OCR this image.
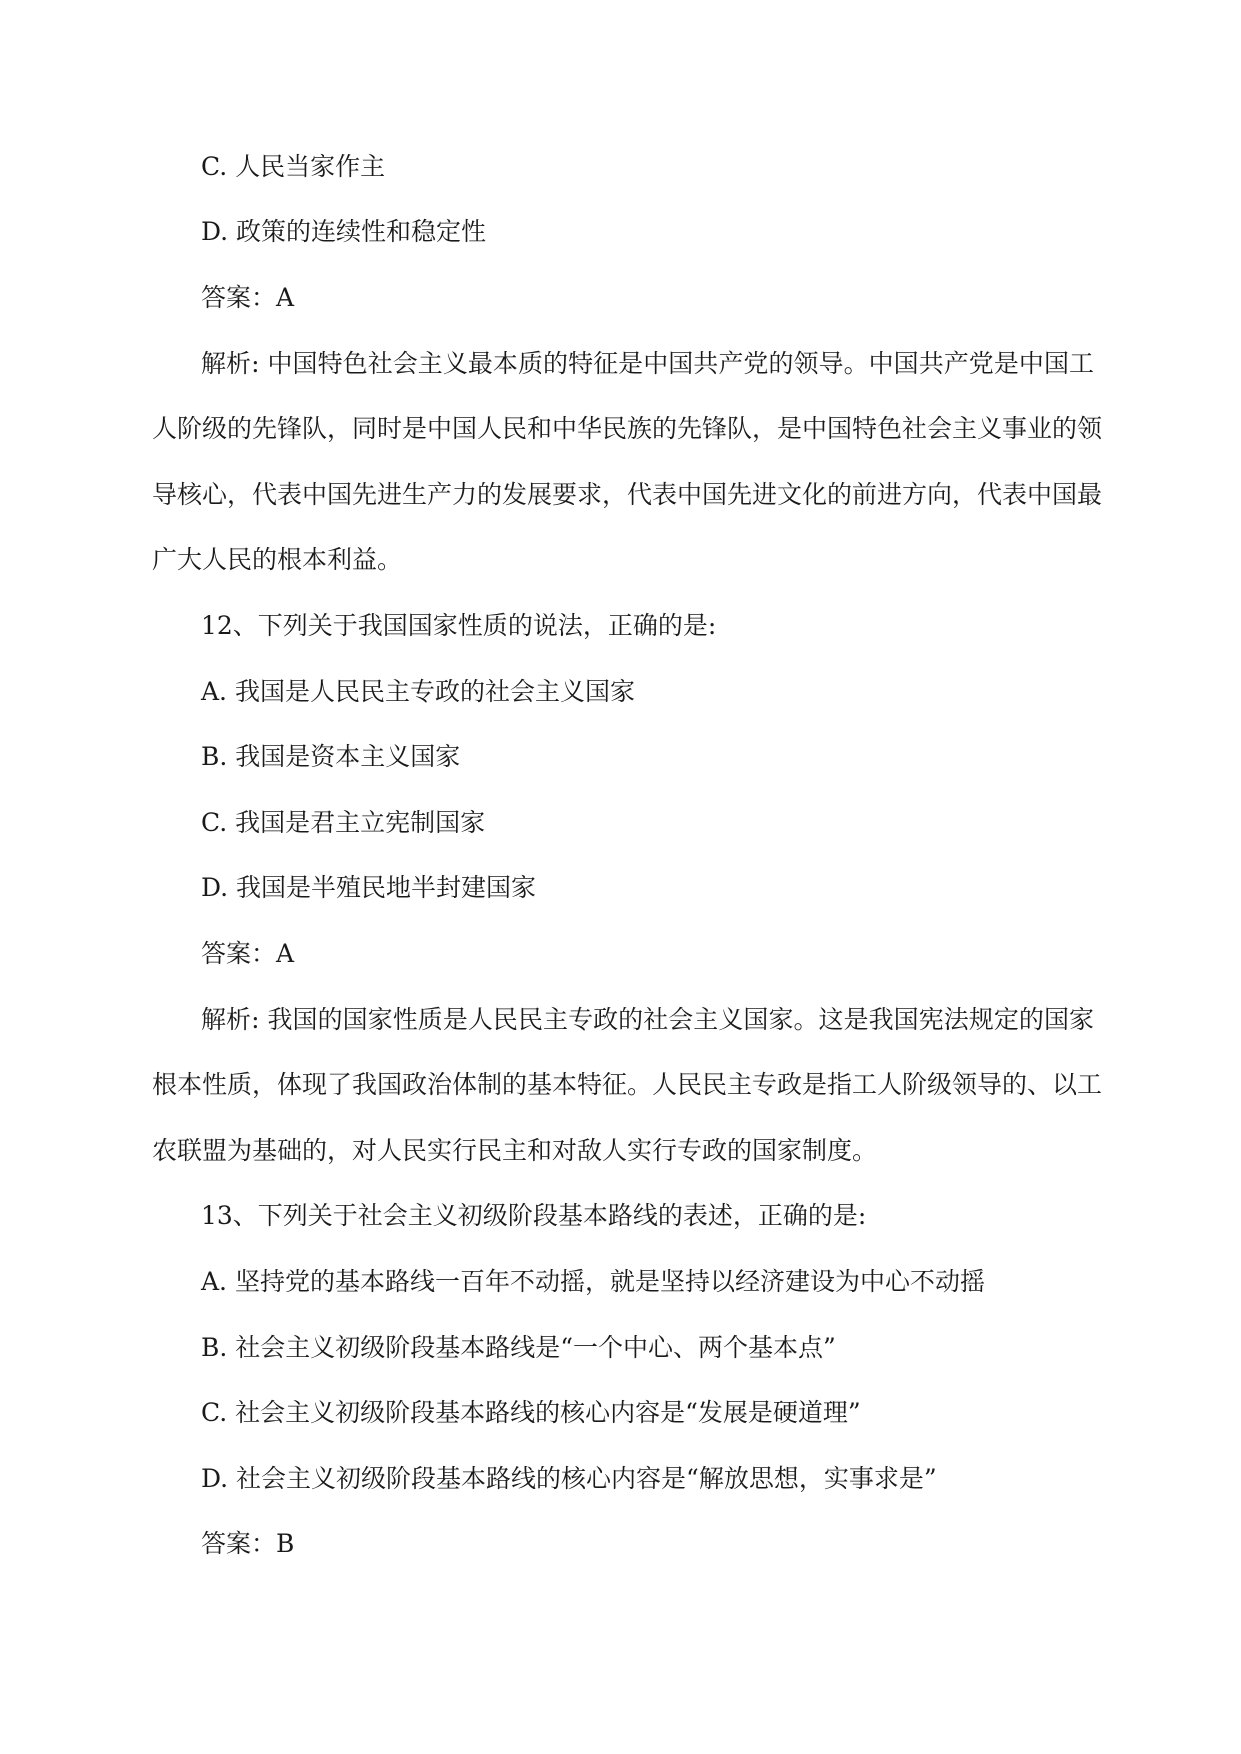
C. 人民当家作主
D. 政策的连续性和稳定性
答案：A
解析: 中国特色社会主义最本质的特征是中国共产党的领导。中国共产党是中国工
人阶级的先锋队，同时是中国人民和中华民族的先锋队，是中国特色社会主义事业的领
导核心，代表中国先进生产力的发展要求，代表中国先进文化的前进方向，代表中国最
广大人民的根本利益。
12、下列关于我国国家性质的说法，正确的是:
A. 我国是人民民主专政的社会主义国家
B. 我国是资本主义国家
C. 我国是君主立宪制国家
D. 我国是半殖民地半封建国家
答案：A
解析: 我国的国家性质是人民民主专政的社会主义国家。这是我国宪法规定的国家
根本性质，体现了我国政治体制的基本特征。人民民主专政是指工人阶级领导的、以工
农联盟为基础的，对人民实行民主和对敌人实行专政的国家制度。
13、下列关于社会主义初级阶段基本路线的表述，正确的是:
A. 坚持党的基本路线一百年不动摇，就是坚持以经济建设为中心不动摇
B. 社会主义初级阶段基本路线是“一个中心、两个基本点”
C. 社会主义初级阶段基本路线的核心内容是“发展是硬道理”
D. 社会主义初级阶段基本路线的核心内容是“解放思想，实事求是”
答案：B
